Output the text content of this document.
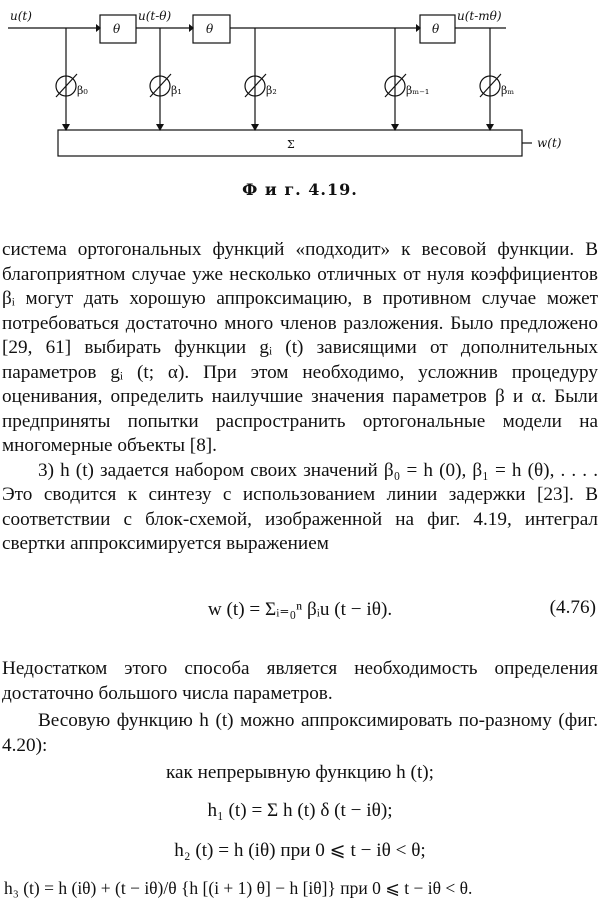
u(t)
θ	θ	θ
u(t-θ)	u(t-mθ)
β₀	β₁	β₂	βₘ₋₁	βₘ
Σ	w(t)
Ф и г. 4.19.

система ортогональных функций «подходит» к весовой функции. В благоприятном случае уже несколько отличных от нуля коэффициентов βᵢ могут дать хорошую аппроксимацию, в противном случае может потребоваться достаточно много членов разложения. Было предложено [29, 61] выбирать функции gᵢ (t) зависящими от дополнительных параметров gᵢ (t; α). При этом необходимо, усложнив процедуру оценивания, определить наилучшие значения параметров β и α. Были предприняты попытки распространить ортогональные модели на многомерные объекты [8].

3) h (t) задается набором своих значений β₀ = h (0), β₁ = h (θ), . . . . Это сводится к синтезу с использованием линии задержки [23]. В соответствии с блок-схемой, изображенной на фиг. 4.19, интеграл свертки аппроксимируется выражением

w (t) = Σᵢ₌₀ⁿ βᵢu (t − iθ).	(4.76)
Недостатком этого способа является необходимость определения достаточно большого числа параметров.
Весовую функцию h (t) можно аппроксимировать по-разному (фиг. 4.20):
как непрерывную функцию h (t);
h₁ (t) = Σ h (t) δ (t − iθ);
h₂ (t) = h (iθ) при 0 ⩽ t − iθ < θ;
h₃ (t) = h (iθ) + (t − iθ)/θ {h [(i + 1) θ] − h [iθ]} при 0 ⩽ t − iθ < θ.
